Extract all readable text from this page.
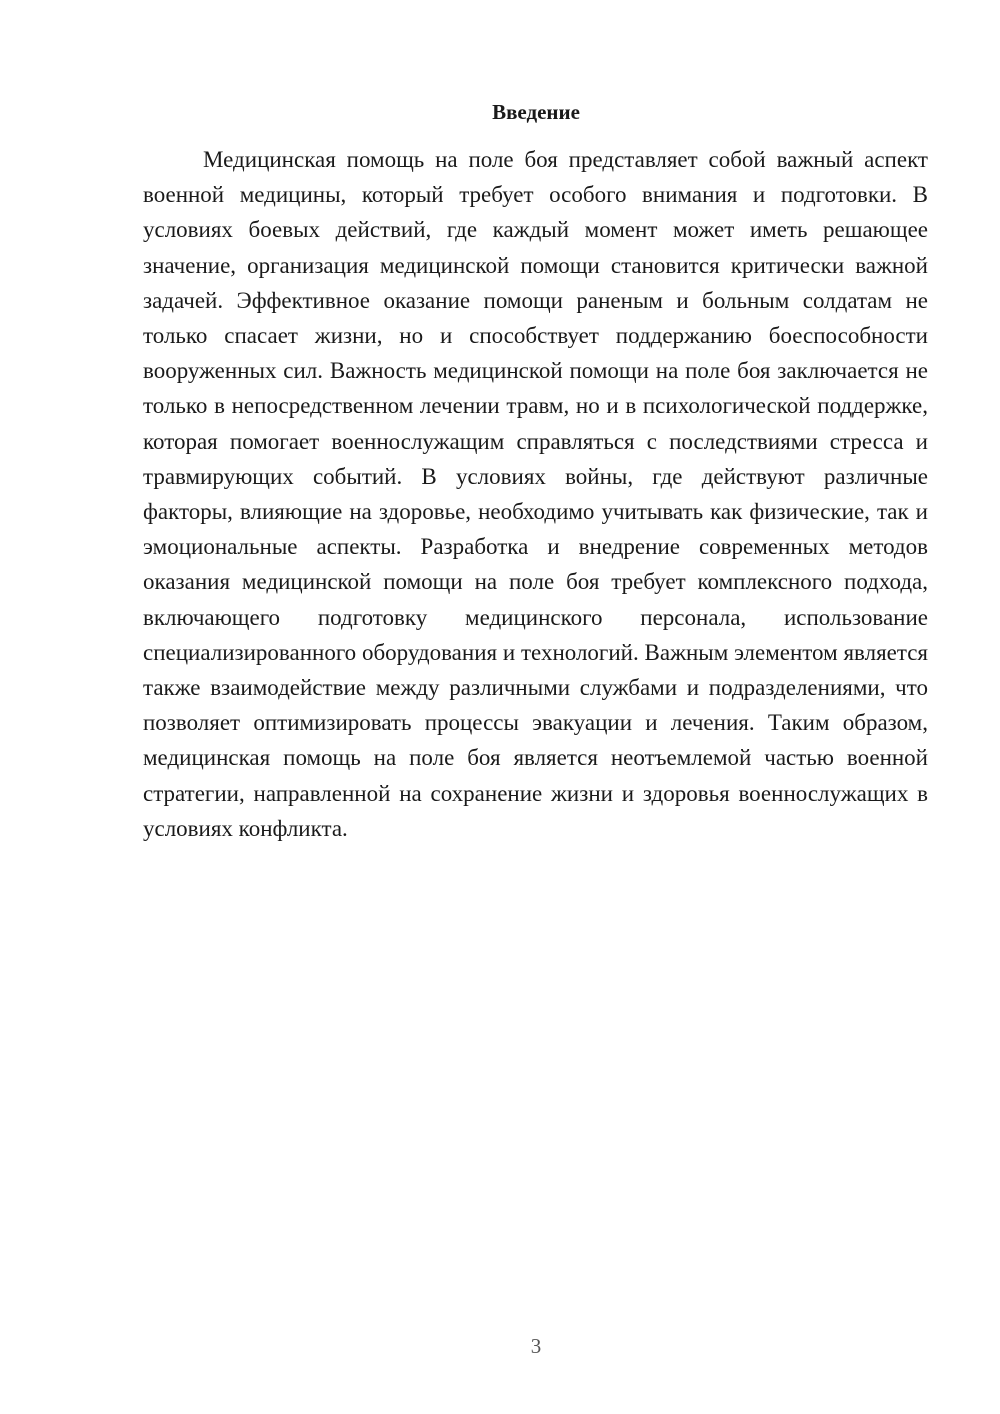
Введение

Медицинская помощь на поле боя представляет собой важный аспект военной медицины, который требует особого внимания и подготовки. В условиях боевых действий, где каждый момент может иметь решающее значение, организация медицинской помощи становится критически важной задачей. Эффективное оказание помощи раненым и больным солдатам не только спасает жизни, но и способствует поддержанию боеспособности вооруженных сил. Важность медицинской помощи на поле боя заключается не только в непосредственном лечении травм, но и в психологической поддержке, которая помогает военнослужащим справляться с последствиями стресса и травмирующих событий. В условиях войны, где действуют различные факторы, влияющие на здоровье, необходимо учитывать как физические, так и эмоциональные аспекты. Разработка и внедрение современных методов оказания медицинской помощи на поле боя требует комплексного подхода, включающего подготовку медицинского персонала, использование специализированного оборудования и технологий. Важным элементом является также взаимодействие между различными службами и подразделениями, что позволяет оптимизировать процессы эвакуации и лечения. Таким образом, медицинская помощь на поле боя является неотъемлемой частью военной стратегии, направленной на сохранение жизни и здоровья военнослужащих в условиях конфликта.

3
